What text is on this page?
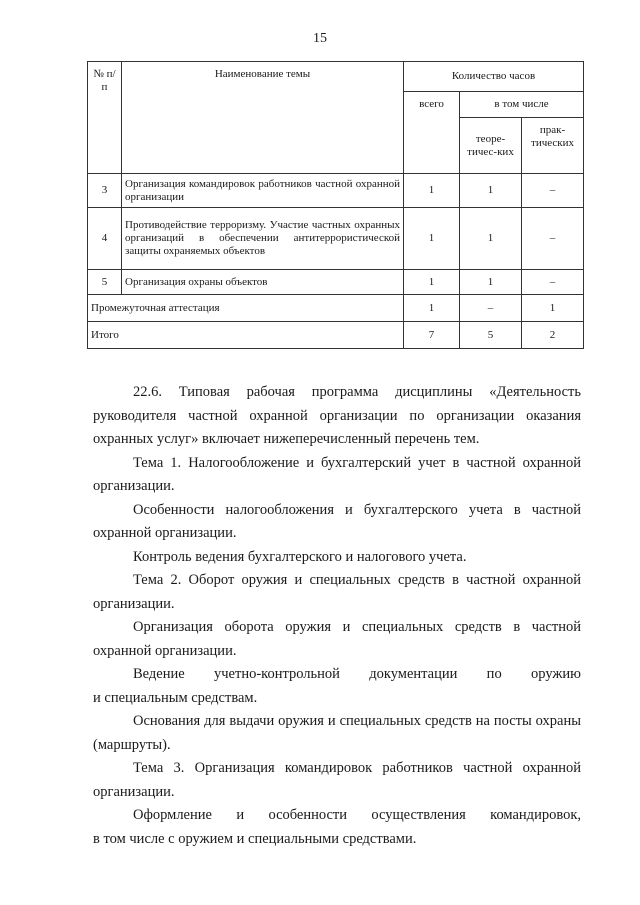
15
№ п/п	Наименование темы	Количество часов		
		всего	в том числе	
			теоре-тичес-ких	прак-тических
3	Организация командировок работников частной охранной организации	1	1	–
4	Противодействие терроризму. Участие частных охранных организаций в обеспечении антитеррористической защиты охраняемых объектов	1	1	–
5	Организация охраны объектов	1	1	–
Промежуточная аттестация		1	–	1
Итого		7	5	2

22.6. Типовая рабочая программа дисциплины «Деятельность руководителя частной охранной организации по организации оказания охранных услуг» включает нижеперечисленный перечень тем.

Тема 1. Налогообложение и бухгалтерский учет в частной охранной организации.

Особенности налогообложения и бухгалтерского учета в частной охранной организации.

Контроль ведения бухгалтерского и налогового учета.

Тема 2. Оборот оружия и специальных средств в частной охранной организации.

Организация оборота оружия и специальных средств в частной охранной организации.

Ведение учетно-контрольной документации по оружию

и специальным средствам.

Основания для выдачи оружия и специальных средств на посты охраны (маршруты).

Тема 3. Организация командировок работников частной охранной организации.

Оформление и особенности осуществления командировок,

в том числе с оружием и специальными средствами.
